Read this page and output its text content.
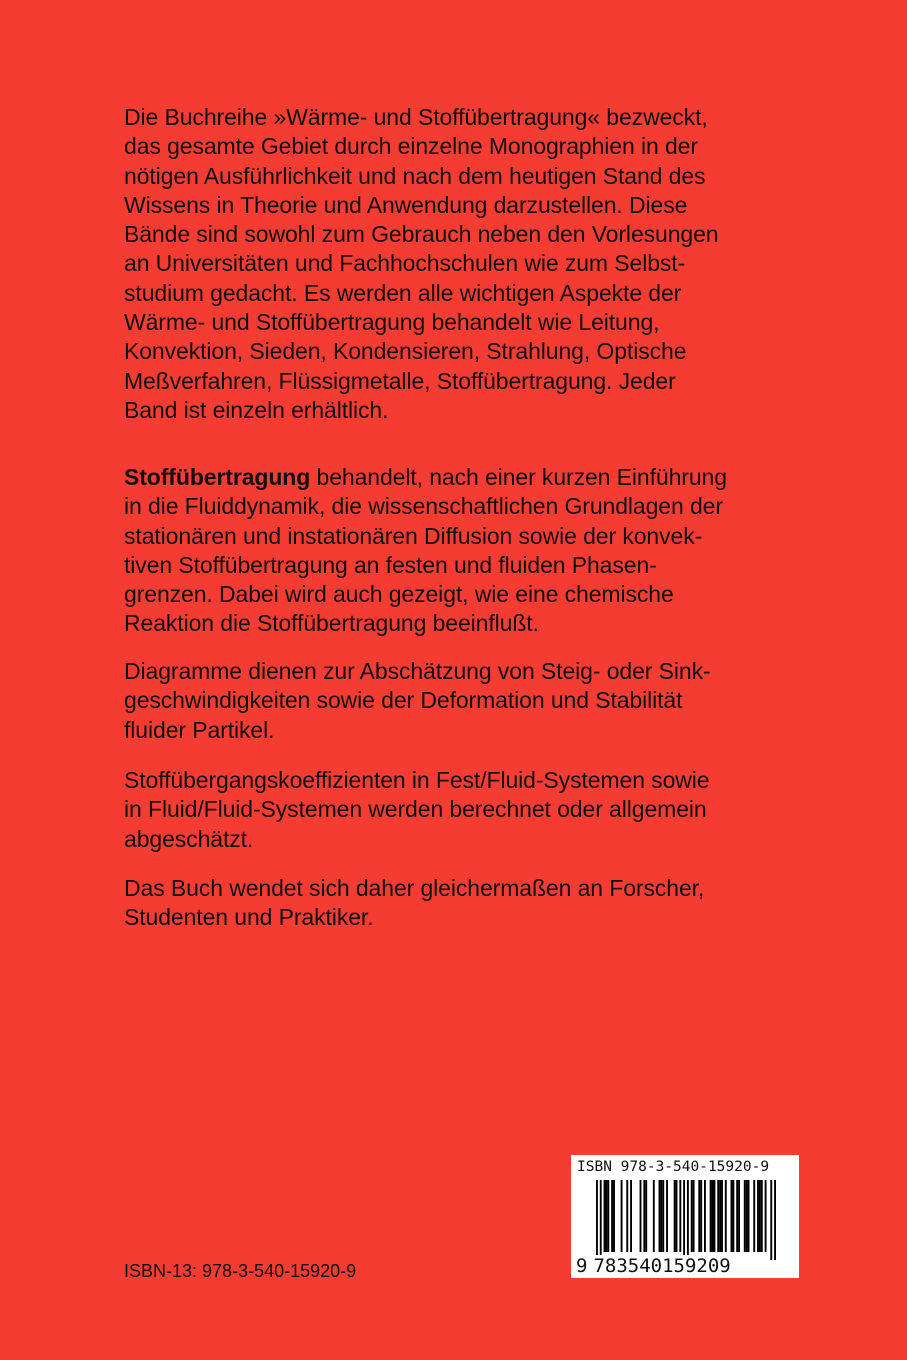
Die Buchreihe »Wärme- und Stoffübertragung« bezweckt,
das gesamte Gebiet durch einzelne Monographien in der
nötigen Ausführlichkeit und nach dem heutigen Stand des
Wissens in Theorie und Anwendung darzustellen. Diese
Bände sind sowohl zum Gebrauch neben den Vorlesungen
an Universitäten und Fachhochschulen wie zum Selbst-
studium gedacht. Es werden alle wichtigen Aspekte der
Wärme- und Stoffübertragung behandelt wie Leitung,
Konvektion, Sieden, Kondensieren, Strahlung, Optische
Meßverfahren, Flüssigmetalle, Stoffübertragung. Jeder
Band ist einzeln erhältlich.
Stoffübertragung behandelt, nach einer kurzen Einführung
in die Fluiddynamik, die wissenschaftlichen Grundlagen der
stationären und instationären Diffusion sowie der konvek-
tiven Stoffübertragung an festen und fluiden Phasen-
grenzen. Dabei wird auch gezeigt, wie eine chemische
Reaktion die Stoffübertragung beeinflußt.
Diagramme dienen zur Abschätzung von Steig- oder Sink-
geschwindigkeiten sowie der Deformation und Stabilität
fluider Partikel.
Stoffübergangskoeffizienten in Fest/Fluid-Systemen sowie
in Fluid/Fluid-Systemen werden berechnet oder allgemein
abgeschätzt.
Das Buch wendet sich daher gleichermaßen an Forscher,
Studenten und Praktiker.
ISBN-13: 978-3-540-15920-9
ISBN 978-3-540-15920-9
9 783540159209
